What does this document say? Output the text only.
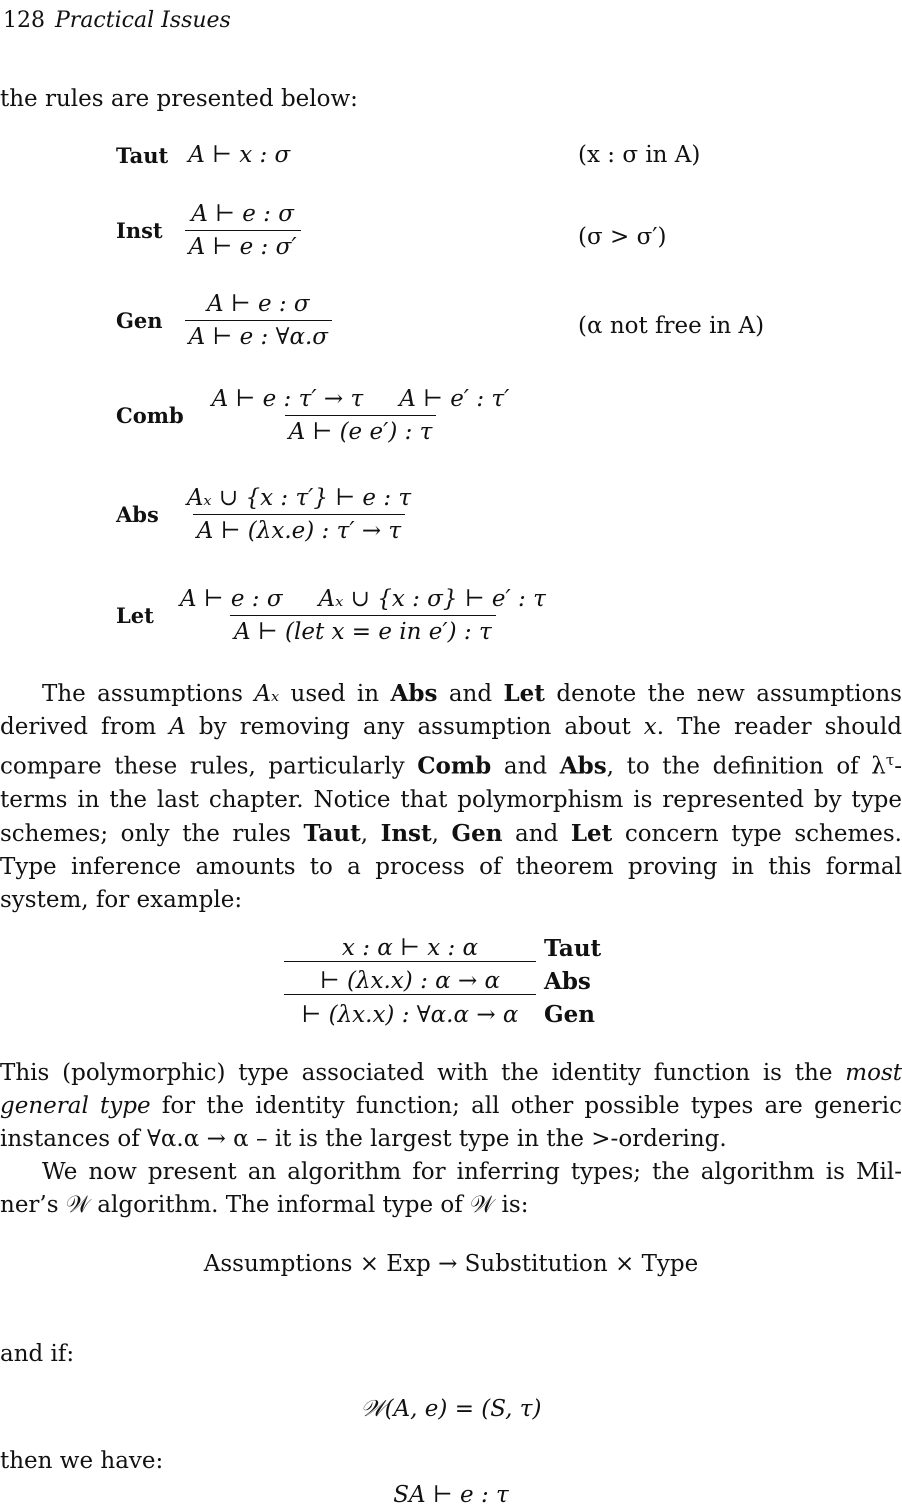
128 Practical Issues
the rules are presented below:
Taut A ⊢ x : σ	(x : σ in A)
Inst $\frac{A ⊢ e : \sigma}{A ⊢ e : \sigma'}$	(σ > σ′)
Gen $\frac{A ⊢ e : \sigma}{A ⊢ e : \forall\alpha.\sigma}$	(α not free in A)
Comb $\frac{\text{A ⊢ e : τ′ → τ A ⊢ e′ : τ′}}{\text{A ⊢ (e e′) : τ}}$
Abs $\frac{\text{Aₓ ∪ \{x : τ′\} ⊢ e : τ}}{A ⊢ (\lambda x.e) : \tau' \to \tau}$
Let $\frac{\text{A ⊢ e : σ Aₓ ∪ \{x : σ\} ⊢ e′ : τ}}{\text{A ⊢ (let x = e in e′) : τ}}$
The assumptions Aₓ used in Abs and Let denote the new assumptions
derived from A by removing any assumption about x. The reader should
compare these rules, particularly Comb and Abs, to the definition of $\lambda^\tau-$
terms in the last chapter. Notice that polymorphism is represented by type
schemes; only the rules Taut, Inst, Gen and Let concern type schemes.
Type inference amounts to a process of theorem proving in this formal
system, for example:
x : α ⊢ x : α	Taut
⊢ (λx.x) : α → α	Abs
⊢ (λx.x) : ∀α.α → α	Gen
This (polymorphic) type associated with the identity function is the most
general type for the identity function; all other possible types are generic
instances of ∀α.α → α – it is the largest type in the >-ordering.
We now present an algorithm for inferring types; the algorithm is Mil-
ner’s 𝒲 algorithm. The informal type of 𝒲 is:
Assumptions × Exp → Substitution × Type
and if:
𝒲(A, e) = (S, τ)
then we have:
SA ⊢ e : τ
